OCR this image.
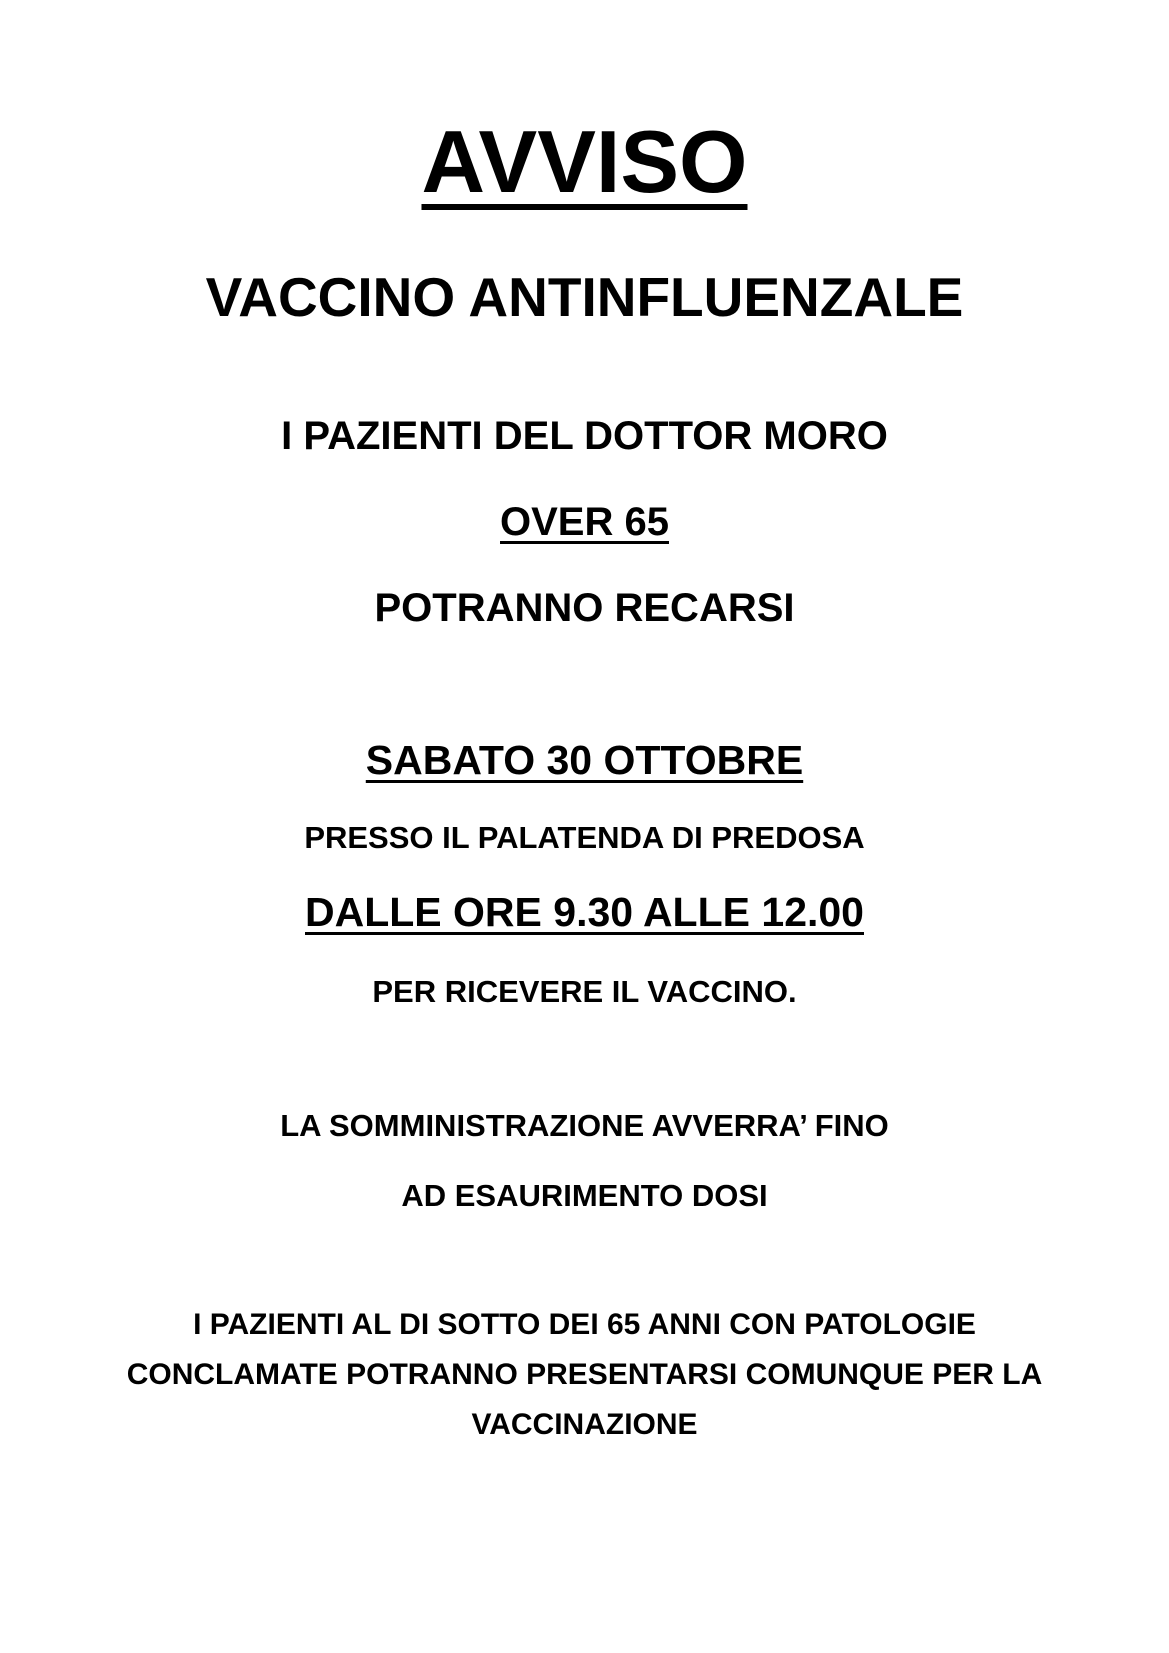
AVVISO
VACCINO ANTINFLUENZALE

I PAZIENTI DEL DOTTOR MORO

OVER 65

POTRANNO RECARSI

SABATO 30 OTTOBRE

PRESSO IL PALATENDA DI PREDOSA

DALLE ORE 9.30 ALLE 12.00

PER RICEVERE IL VACCINO.

LA SOMMINISTRAZIONE AVVERRA’ FINO

AD ESAURIMENTO DOSI

I PAZIENTI AL DI SOTTO DEI 65 ANNI CON PATOLOGIE CONCLAMATE POTRANNO PRESENTARSI COMUNQUE PER LA VACCINAZIONE
